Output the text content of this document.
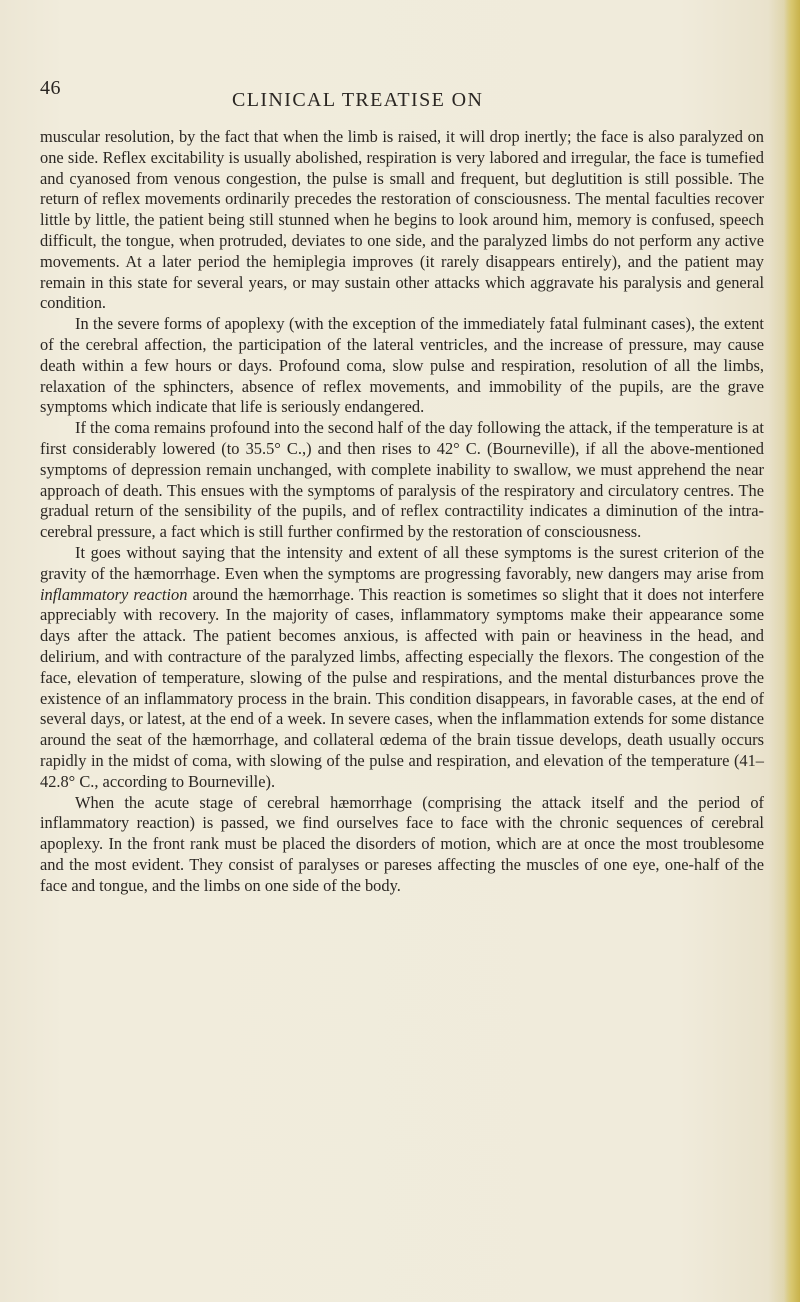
46
CLINICAL TREATISE ON

muscular resolution, by the fact that when the limb is raised, it will drop inertly; the face is also paralyzed on one side. Reflex excitability is usually abolished, respiration is very labored and irregular, the face is tumefied and cyanosed from venous congestion, the pulse is small and frequent, but deglutition is still possible. The return of reflex movements ordinarily precedes the restoration of consciousness. The mental faculties recover little by little, the patient being still stunned when he begins to look around him, memory is confused, speech difficult, the tongue, when protruded, deviates to one side, and the paralyzed limbs do not perform any active movements. At a later period the hemiplegia improves (it rarely disappears entirely), and the patient may remain in this state for several years, or may sustain other attacks which aggravate his paralysis and general condition.

In the severe forms of apoplexy (with the exception of the immediately fatal fulminant cases), the extent of the cerebral affection, the participation of the lateral ventricles, and the increase of pressure, may cause death within a few hours or days. Profound coma, slow pulse and respiration, resolution of all the limbs, relaxation of the sphincters, absence of reflex movements, and immobility of the pupils, are the grave symptoms which indicate that life is seriously endangered.

If the coma remains profound into the second half of the day following the attack, if the temperature is at first considerably lowered (to 35.5° C.,) and then rises to 42° C. (Bourneville), if all the above-mentioned symptoms of depression remain unchanged, with complete inability to swallow, we must apprehend the near approach of death. This ensues with the symptoms of paralysis of the respiratory and circulatory centres. The gradual return of the sensibility of the pupils, and of reflex contractility indicates a diminution of the intra-cerebral pressure, a fact which is still further confirmed by the restoration of consciousness.

It goes without saying that the intensity and extent of all these symptoms is the surest criterion of the gravity of the hæmorrhage. Even when the symptoms are progressing favorably, new dangers may arise from inflammatory reaction around the hæmorrhage. This reaction is sometimes so slight that it does not interfere appreciably with recovery. In the majority of cases, inflammatory symptoms make their appearance some days after the attack. The patient becomes anxious, is affected with pain or heaviness in the head, and delirium, and with contracture of the paralyzed limbs, affecting especially the flexors. The congestion of the face, elevation of temperature, slowing of the pulse and respirations, and the mental disturbances prove the existence of an inflammatory process in the brain. This condition disappears, in favorable cases, at the end of several days, or latest, at the end of a week. In severe cases, when the inflammation extends for some distance around the seat of the hæmorrhage, and collateral œdema of the brain tissue develops, death usually occurs rapidly in the midst of coma, with slowing of the pulse and respiration, and elevation of the temperature (41–42.8° C., according to Bourneville).

When the acute stage of cerebral hæmorrhage (comprising the attack itself and the period of inflammatory reaction) is passed, we find ourselves face to face with the chronic sequences of cerebral apoplexy. In the front rank must be placed the disorders of motion, which are at once the most troublesome and the most evident. They consist of paralyses or pareses affecting the muscles of one eye, one-half of the face and tongue, and the limbs on one side of the body.
